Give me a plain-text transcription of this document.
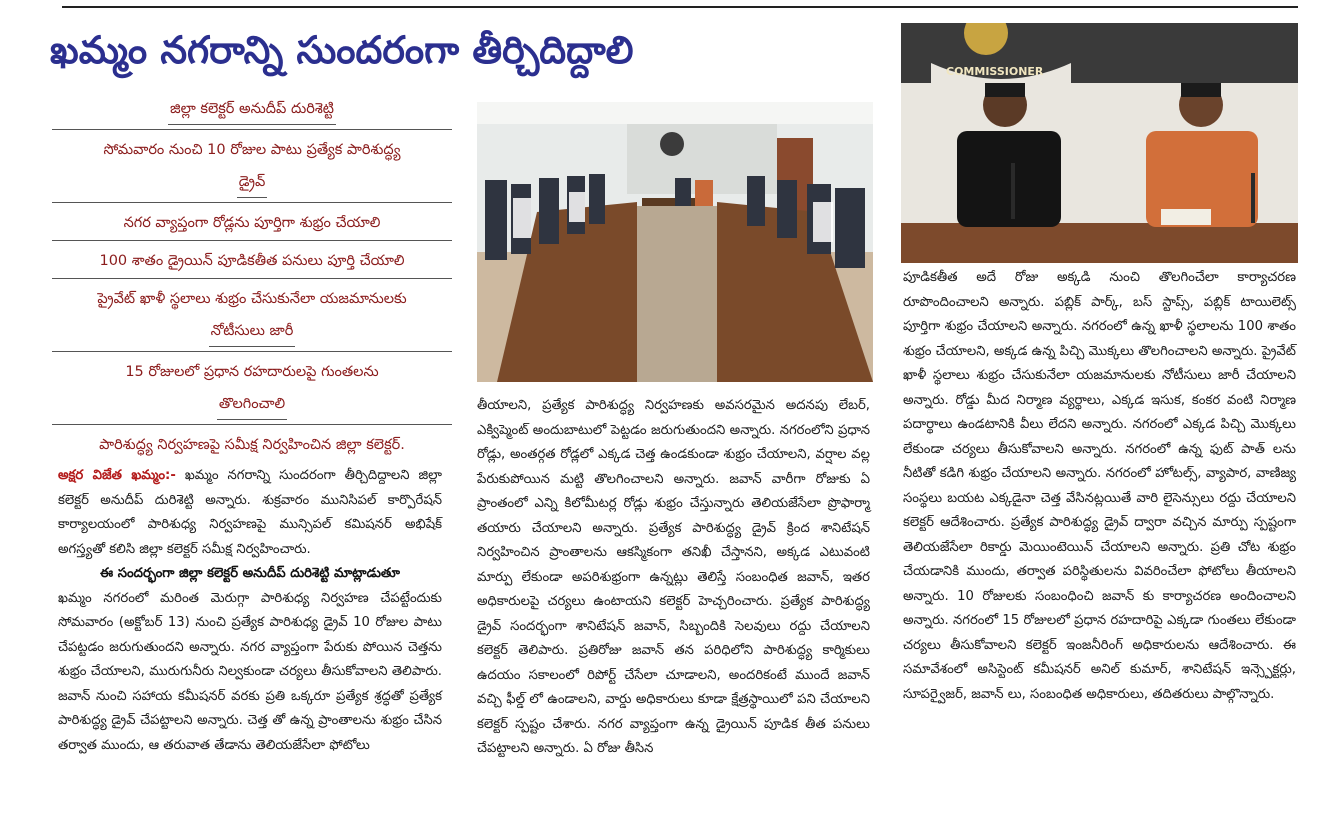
ఖమ్మం నగరాన్ని సుందరంగా తీర్చిదిద్దాలి
జిల్లా కలెక్టర్ అనుదీప్ దురిశెట్టి
సోమవారం నుంచి 10 రోజుల పాటు ప్రత్యేక పారిశుద్ధ్య
డ్రైవ్
నగర వ్యాప్తంగా రోడ్లను పూర్తిగా శుభ్రం చేయాలి
100 శాతం డ్రైయిన్ పూడికతీత పనులు పూర్తి చేయాలి
ప్రైవేట్ ఖాళీ స్థలాలు శుభ్రం చేసుకునేలా యజమానులకు
నోటీసులు జారీ
15 రోజులలో ప్రధాన రహదారులపై గుంతలను
తొలగించాలి
పారిశుద్ధ్య నిర్వహణపై సమీక్ష నిర్వహించిన జిల్లా కలెక్టర్.

అక్షర విజేత ఖమ్మం:- ఖమ్మం నగరాన్ని సుందరంగా తీర్చిదిద్దాలని జిల్లా కలెక్టర్ అనుదీప్ దురిశెట్టి అన్నారు. శుక్రవారం మునిసిపల్ కార్పొరేషన్ కార్యాలయంలో పారిశుధ్య నిర్వహణపై మున్సిపల్ కమిషనర్ అభిషేక్ అగస్త్యతో కలిసి జిల్లా కలెక్టర్ సమీక్ష నిర్వహించారు.

ఈ సందర్భంగా జిల్లా కలెక్టర్ అనుదీప్ దురిశెట్టి మాట్లాడుతూ

ఖమ్మం నగరంలో మరింత మెరుగ్గా పారిశుధ్య నిర్వహణ చేపట్టేందుకు సోమవారం (అక్టోబర్ 13) నుంచి ప్రత్యేక పారిశుధ్య డ్రైవ్ 10 రోజుల పాటు చేపట్టడం జరుగుతుందని అన్నారు. నగర వ్యాప్తంగా పేరుకు పోయిన చెత్తను శుభ్రం చేయాలని, మురుగునీరు నిల్వకుండా చర్యలు తీసుకోవాలని తెలిపారు. జవాన్ నుంచి సహాయ కమీషనర్ వరకు ప్రతి ఒక్కరూ ప్రత్యేక శ్రద్ధతో ప్రత్యేక పారిశుద్ధ్య డ్రైవ్ చేపట్టాలని అన్నారు. చెత్త తో ఉన్న ప్రాంతాలను శుభ్రం చేసిన తర్వాత ముందు, ఆ తరువాత తేడాను తెలియజేసేలా ఫోటోలు

COMMISSIONER

తీయాలని, ప్రత్యేక పారిశుద్ధ్య నిర్వహణకు అవసరమైన అదనపు లేబర్, ఎక్విప్మెంట్ అందుబాటులో పెట్టడం జరుగుతుందని అన్నారు. నగరంలోని ప్రధాన రోడ్లు, అంతర్గత రోడ్లలో ఎక్కడ చెత్త ఉండకుండా శుభ్రం చేయాలని, వర్షాల వల్ల పేరుకుపోయిన మట్టి తొలగించాలని అన్నారు. జవాన్ వారీగా రోజుకు ఏ ప్రాంతంలో ఎన్ని కిలోమీటర్ల రోడ్లు శుభ్రం చేస్తున్నారు తెలియజేసేలా ప్రొఫార్మా తయారు చేయాలని అన్నారు. ప్రత్యేక పారిశుద్ధ్య డ్రైవ్ క్రింద శానిటేషన్ నిర్వహించిన ప్రాంతాలను ఆకస్మికంగా తనిఖీ చేస్తానని, అక్కడ ఎటువంటి మార్పు లేకుండా అపరిశుభ్రంగా ఉన్నట్లు తెలిస్తే సంబంధిత జవాన్, ఇతర అధికారులపై చర్యలు ఉంటాయని కలెక్టర్ హెచ్చరించారు. ప్రత్యేక పారిశుద్ధ్య డ్రైవ్ సందర్భంగా శానిటేషన్ జవాన్, సిబ్బందికి సెలవులు రద్దు చేయాలని కలెక్టర్ తెలిపారు. ప్రతిరోజు జవాన్ తన పరిధిలోని పారిశుద్ధ్య కార్మికులు ఉదయం సకాలంలో రిపోర్ట్ చేసేలా చూడాలని, అందరికంటే ముందే జవాన్ వచ్చి ఫీల్డ్ లో ఉండాలని, వార్డు అధికారులు కూడా క్షేత్రస్థాయిలో పని చేయాలని కలెక్టర్ స్పష్టం చేశారు. నగర వ్యాప్తంగా ఉన్న డ్రైయిన్ పూడిక తీత పనులు చేపట్టాలని అన్నారు. ఏ రోజు తీసిన

పూడికతీత అదే రోజు అక్కడి నుంచి తొలగించేలా కార్యాచరణ రూపొందించాలని అన్నారు. పబ్లిక్ పార్క్, బస్ స్టాప్స్, పబ్లిక్ టాయిలెట్స్ పూర్తిగా శుభ్రం చేయాలని అన్నారు. నగరంలో ఉన్న ఖాళీ స్థలాలను 100 శాతం శుభ్రం చేయాలని, అక్కడ ఉన్న పిచ్చి మొక్కలు తొలగించాలని అన్నారు. ప్రైవేట్ ఖాళీ స్థలాలు శుభ్రం చేసుకునేలా యజమానులకు నోటీసులు జారీ చేయాలని అన్నారు. రోడ్డు మీద నిర్మాణ వ్యర్థాలు, ఎక్కడ ఇసుక, కంకర వంటి నిర్మాణ పదార్థాలు ఉండటానికి వీలు లేదని అన్నారు. నగరంలో ఎక్కడ పిచ్చి మొక్కలు లేకుండా చర్యలు తీసుకోవాలని అన్నారు. నగరంలో ఉన్న ఫుట్ పాత్ లను నీటితో కడిగి శుభ్రం చేయాలని అన్నారు. నగరంలో హోటల్స్, వ్యాపార, వాణిజ్య సంస్థలు బయట ఎక్కడైనా చెత్త వేసినట్లయితే వారి లైసెన్సులు రద్దు చేయాలని కలెక్టర్ ఆదేశించారు. ప్రత్యేక పారిశుద్ధ్య డ్రైవ్ ద్వారా వచ్చిన మార్పు స్పష్టంగా తెలియజేసేలా రికార్డు మెయింటెయిన్ చేయాలని అన్నారు. ప్రతి చోట శుభ్రం చేయడానికి ముందు, తర్వాత పరిస్థితులను వివరించేలా ఫోటోలు తీయాలని అన్నారు. 10 రోజులకు సంబంధించి జవాన్ కు కార్యాచరణ అందించాలని అన్నారు. నగరంలో 15 రోజులలో ప్రధాన రహదారిపై ఎక్కడా గుంతలు లేకుండా చర్యలు తీసుకోవాలని కలెక్టర్ ఇంజనీరింగ్ అధికారులను ఆదేశించారు. ఈ సమావేశంలో అసిస్టెంట్ కమీషనర్ అనిల్ కుమార్, శానిటేషన్ ఇన్స్పెక్టర్లు, సూపర్వైజర్, జవాన్ లు, సంబంధిత అధికారులు, తదితరులు పాల్గొన్నారు.
